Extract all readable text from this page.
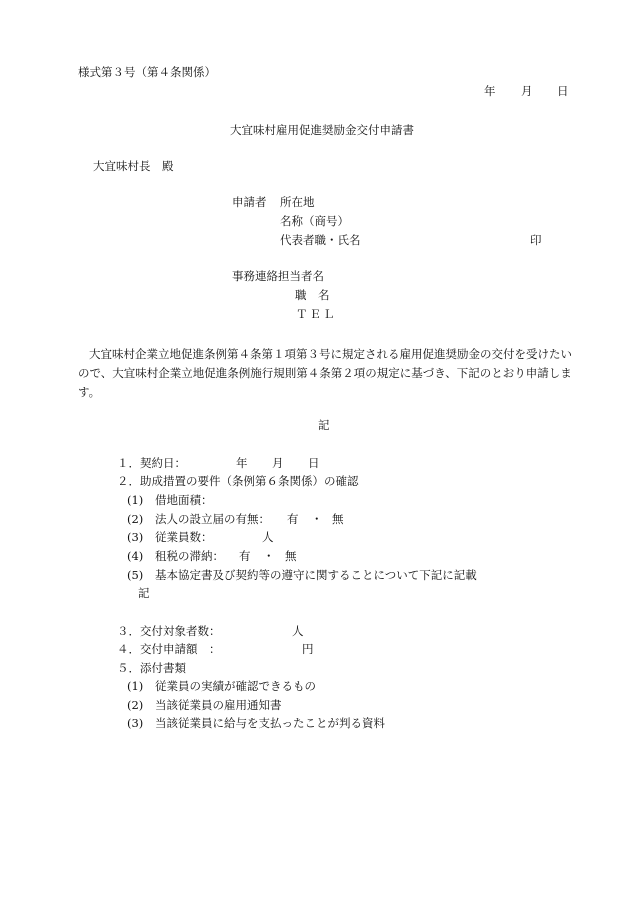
様式第３号（第４条関係）
年 月 日
大宜味村雇用促進奨励金交付申請書
大宜味村長　殿
申請者 所在地
名称（商号）
代表者職・氏名	印
事務連絡担当者名
職　名
ＴＥＬ
大宜味村企業立地促進条例第４条第１項第３号に規定される雇用促進奨励金の交付を受けたいので、大宜味村企業立地促進条例施行規則第４条第２項の規定に基づき、下記のとおり申請します。
記
１．契約日：	年 月 日
２．助成措置の要件（条例第６条関係）の確認
(1) 借地面積：
(2) 法人の設立届の有無： 有 ・ 無
(3) 従業員数：	人
(4) 租税の滞納： 有 ・ 無
(5) 基本協定書及び契約等の遵守に関することについて下記に記載
記
３．交付対象者数：	人
４．交付申請額　：	円
５．添付書類
(1) 従業員の実績が確認できるもの
(2) 当該従業員の雇用通知書
(3) 当該従業員に給与を支払ったことが判る資料
